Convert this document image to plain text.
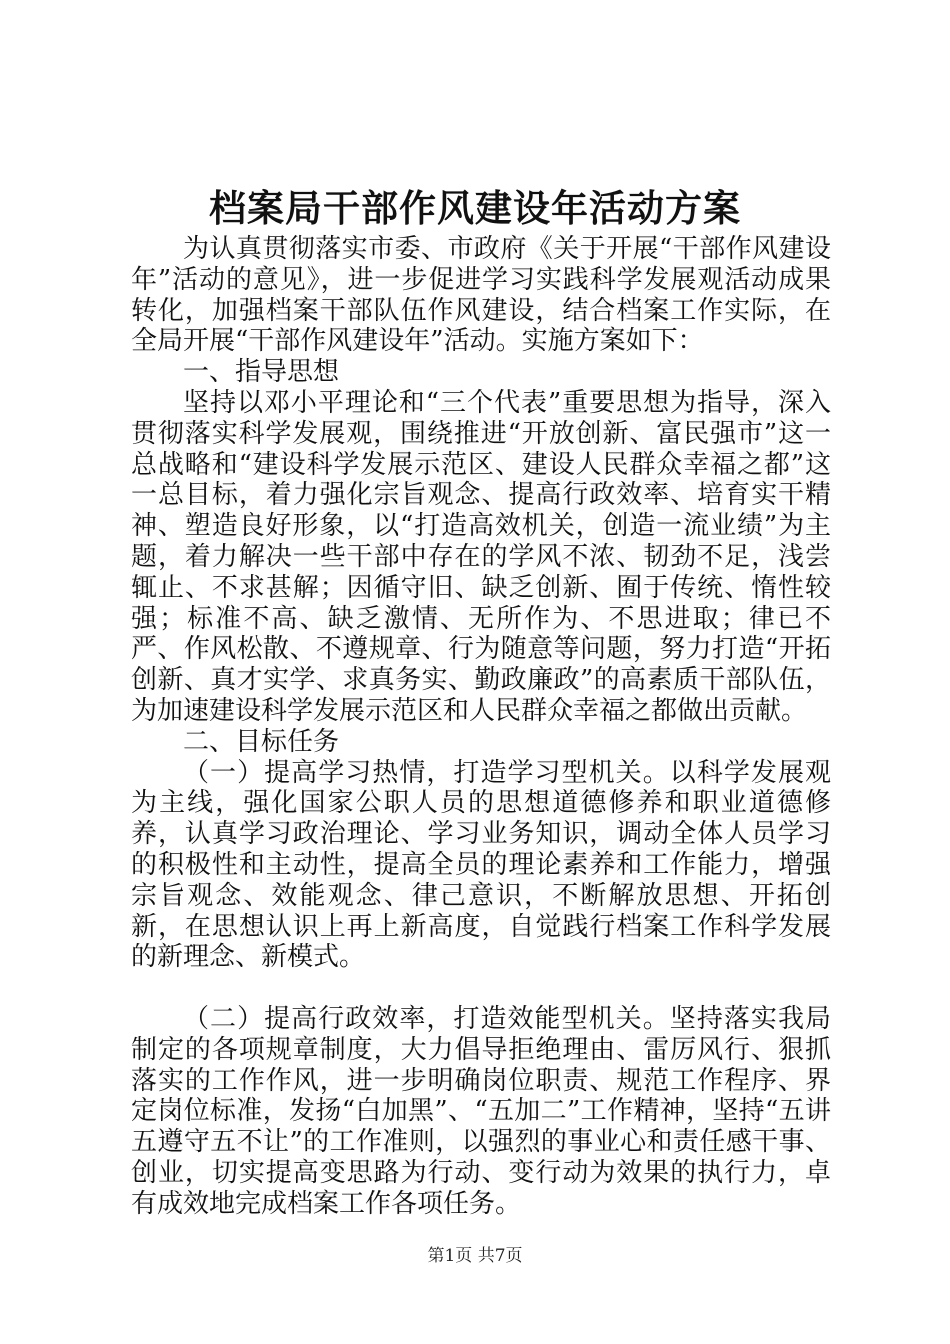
档案局干部作风建设年活动方案

为认真贯彻落实市委、市政府《关于开展“干部作风建设年”活动的意见》，进一步促进学习实践科学发展观活动成果转化，加强档案干部队伍作风建设，结合档案工作实际，在全局开展“干部作风建设年”活动。实施方案如下：

一、指导思想

坚持以邓小平理论和“三个代表”重要思想为指导，深入贯彻落实科学发展观，围绕推进“开放创新、富民强市”这一总战略和“建设科学发展示范区、建设人民群众幸福之都”这一总目标，着力强化宗旨观念、提高行政效率、培育实干精神、塑造良好形象，以“打造高效机关，创造一流业绩”为主题，着力解决一些干部中存在的学风不浓、韧劲不足，浅尝辄止、不求甚解；因循守旧、缺乏创新、囿于传统、惰性较强；标准不高、缺乏激情、无所作为、不思进取；律已不严、作风松散、不遵规章、行为随意等问题，努力打造“开拓创新、真才实学、求真务实、勤政廉政”的高素质干部队伍，为加速建设科学发展示范区和人民群众幸福之都做出贡献。

二、目标任务

（一）提高学习热情，打造学习型机关。以科学发展观为主线，强化国家公职人员的思想道德修养和职业道德修养，认真学习政治理论、学习业务知识，调动全体人员学习的积极性和主动性，提高全员的理论素养和工作能力，增强宗旨观念、效能观念、律己意识，不断解放思想、开拓创新，在思想认识上再上新高度，自觉践行档案工作科学发展的新理念、新模式。

（二）提高行政效率，打造效能型机关。坚持落实我局制定的各项规章制度，大力倡导拒绝理由、雷厉风行、狠抓落实的工作作风，进一步明确岗位职责、规范工作程序、界定岗位标准，发扬“白加黑”、“五加二”工作精神，坚持“五讲五遵守五不让”的工作准则，以强烈的事业心和责任感干事、创业，切实提高变思路为行动、变行动为效果的执行力，卓有成效地完成档案工作各项任务。

第1页 共7页
